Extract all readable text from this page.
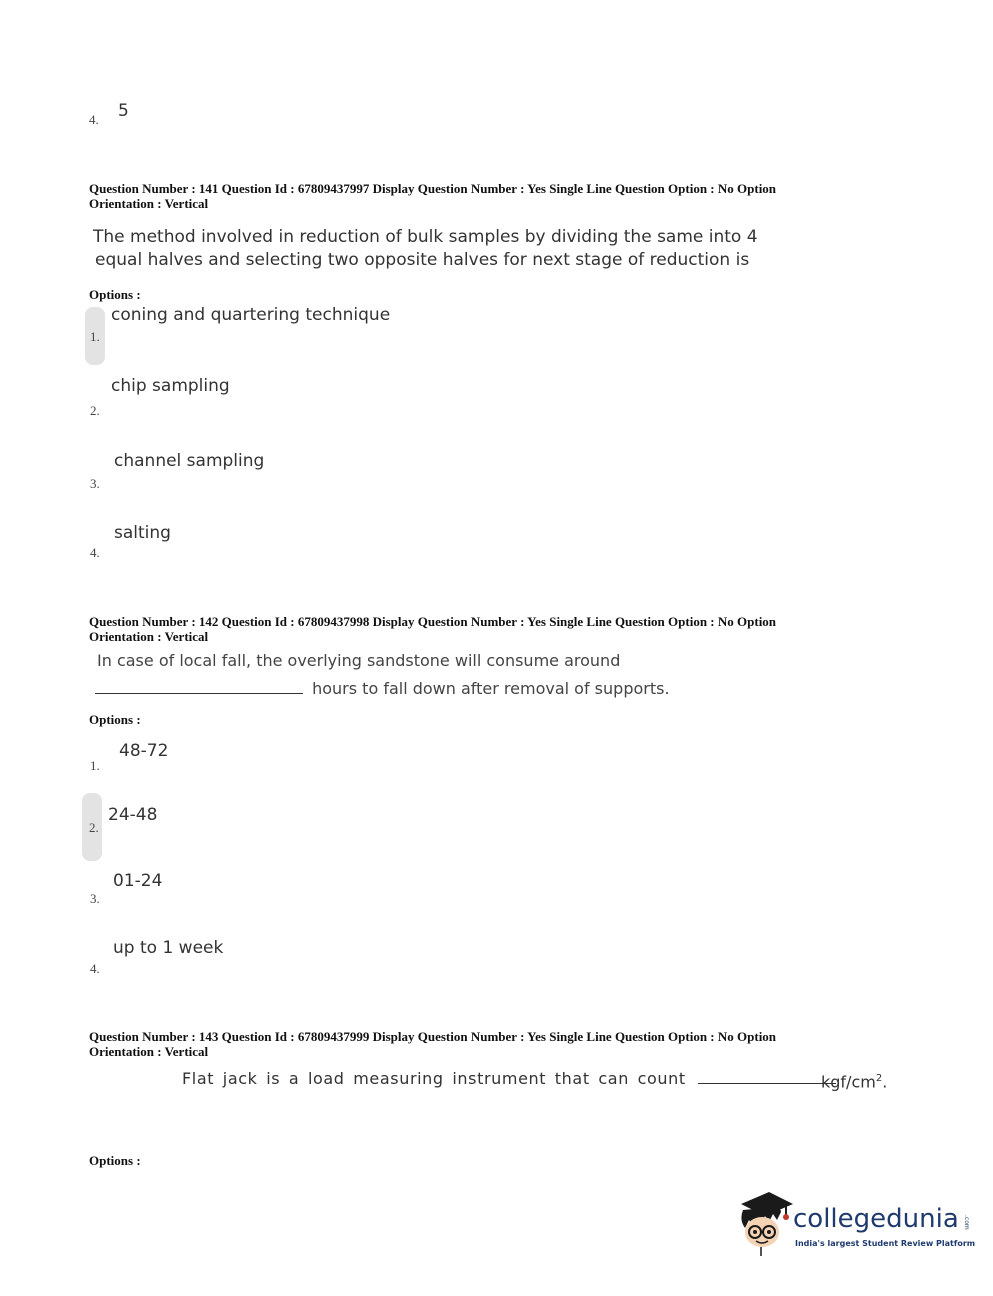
4. 5
Question Number : 141 Question Id : 67809437997 Display Question Number : Yes Single Line Question Option : No Option
Orientation : Vertical
The method involved in reduction of bulk samples by dividing the same into 4
equal halves and selecting two opposite halves for next stage of reduction is
Options :
1.
coning and quartering technique
2.
chip sampling
3.
channel sampling
4.
salting
Question Number : 142 Question Id : 67809437998 Display Question Number : Yes Single Line Question Option : No Option
Orientation : Vertical
In case of local fall, the overlying sandstone will consume around
hours to fall down after removal of supports.
Options :
1.
48-72
2.
24-48
3.
01-24
4.
up to 1 week
Question Number : 143 Question Id : 67809437999 Display Question Number : Yes Single Line Question Option : No Option
Orientation : Vertical
Flat jack is a load measuring instrument that can count	kgf/$cm^2$.
Options :
collegedunia .com
India's largest Student Review Platform
